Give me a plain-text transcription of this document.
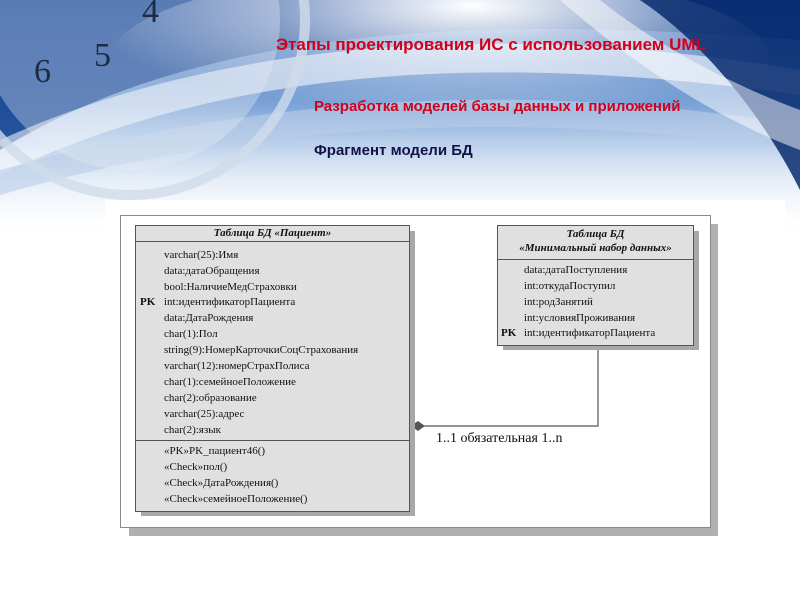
6 5
4
Этапы проектирования ИС с использованием UML
Разработка моделей базы данных и приложений
Фрагмент модели БД
Таблица БД «Пациент»
varchar(25):Имя
data:датаОбращения
bool:НаличиеМедСтраховки
PK int:идентификаторПациента
data:ДатаРождения
char(1):Пол
string(9):НомерКарточкиСоцСтрахования
varchar(12):номерСтрахПолиса
char(1):семейноеПоложение
char(2):образование
varchar(25):адрес
char(2):язык
«PK»PK_пациент46()
«Check»пол()
«Check»ДатаРождения()
«Check»семейноеПоложение()
Таблица БД
«Минимальный набор данных»
data:датаПоступления
int:откудаПоступил
int:родЗанятий
int:условияПроживания
PK int:идентификаторПациента
1..1 обязательная 1..n
